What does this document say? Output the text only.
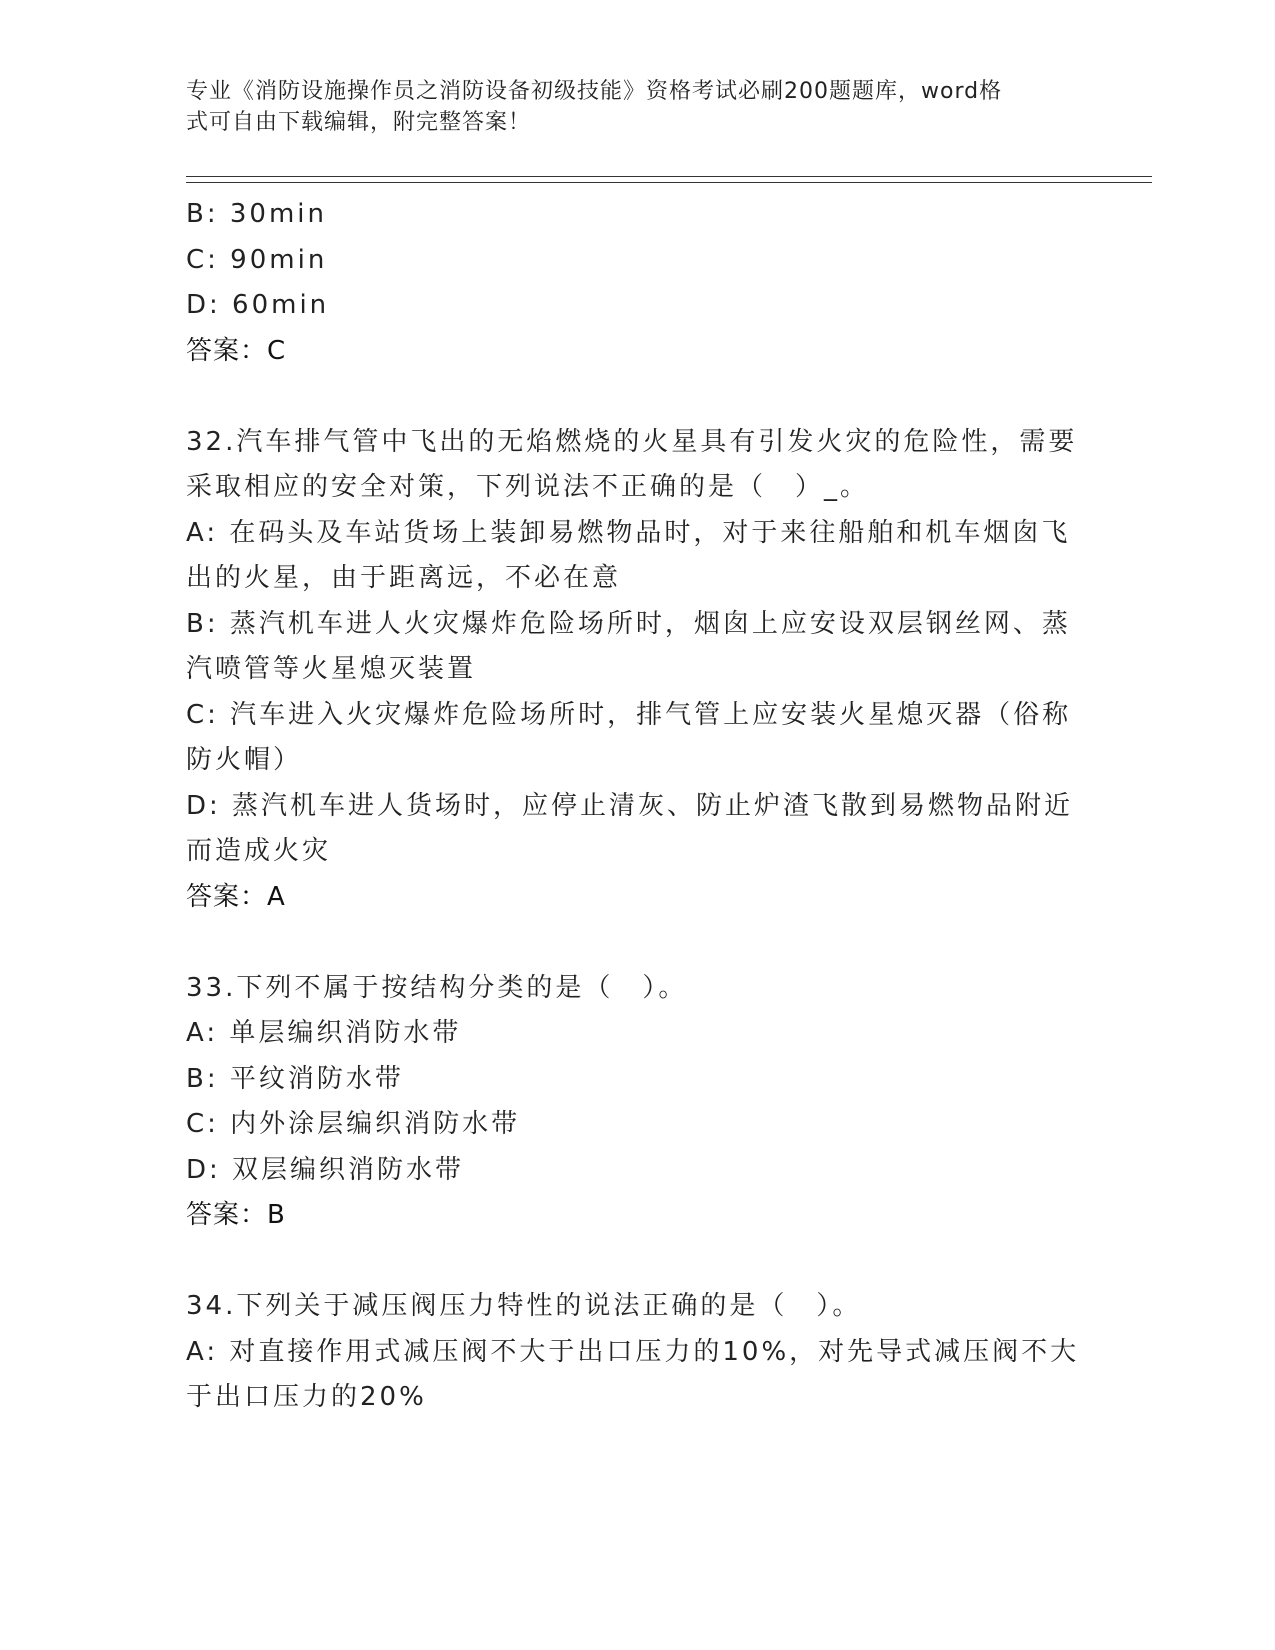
专业《消防设施操作员之消防设备初级技能》资格考试必刷200题题库，word格
式可自由下载编辑，附完整答案！
B: 30min
C: 90min
D: 60min
答案：C
32.汽车排气管中飞出的无焰燃烧的火星具有引发火灾的危险性，需要
采取相应的安全对策，下列说法不正确的是（　）_。
A: 在码头及车站货场上装卸易燃物品时，对于来往船舶和机车烟囱飞
出的火星，由于距离远，不必在意
B: 蒸汽机车进人火灾爆炸危险场所时，烟囱上应安设双层钢丝网、蒸
汽喷管等火星熄灭装置
C: 汽车进入火灾爆炸危险场所时，排气管上应安装火星熄灭器（俗称
防火帽）
D: 蒸汽机车进人货场时，应停止清灰、防止炉渣飞散到易燃物品附近
而造成火灾
答案：A
33.下列不属于按结构分类的是（　）。
A: 单层编织消防水带
B: 平纹消防水带
C: 内外涂层编织消防水带
D: 双层编织消防水带
答案：B
34.下列关于减压阀压力特性的说法正确的是（　）。
A: 对直接作用式减压阀不大于出口压力的10%，对先导式减压阀不大
于出口压力的20%
